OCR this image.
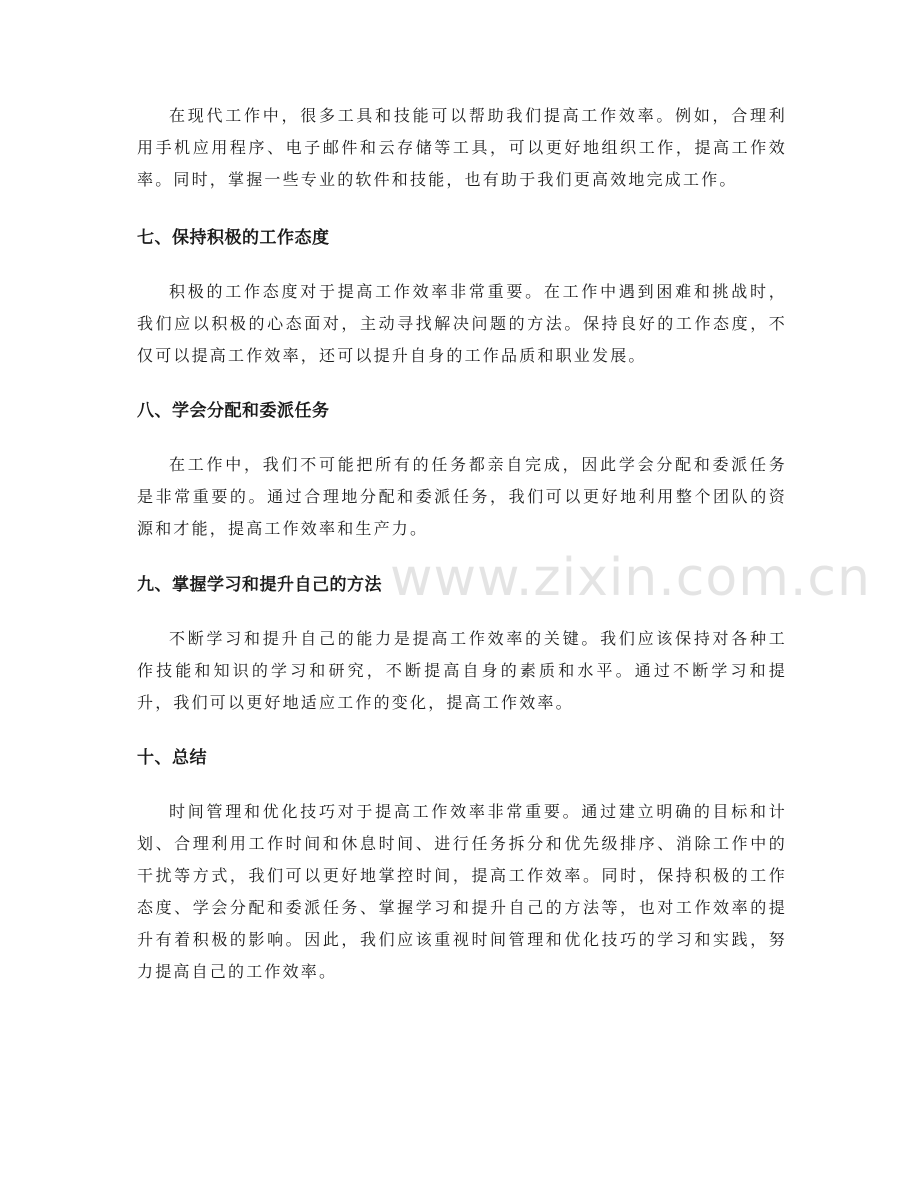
在现代工作中，很多工具和技能可以帮助我们提高工作效率。例如，合理利用手机应用程序、电子邮件和云存储等工具，可以更好地组织工作，提高工作效率。同时，掌握一些专业的软件和技能，也有助于我们更高效地完成工作。

七、保持积极的工作态度

积极的工作态度对于提高工作效率非常重要。在工作中遇到困难和挑战时，我们应以积极的心态面对，主动寻找解决问题的方法。保持良好的工作态度，不仅可以提高工作效率，还可以提升自身的工作品质和职业发展。

八、学会分配和委派任务

在工作中，我们不可能把所有的任务都亲自完成，因此学会分配和委派任务是非常重要的。通过合理地分配和委派任务，我们可以更好地利用整个团队的资源和才能，提高工作效率和生产力。

九、掌握学习和提升自己的方法

不断学习和提升自己的能力是提高工作效率的关键。我们应该保持对各种工作技能和知识的学习和研究，不断提高自身的素质和水平。通过不断学习和提升，我们可以更好地适应工作的变化，提高工作效率。

十、总结

时间管理和优化技巧对于提高工作效率非常重要。通过建立明确的目标和计划、合理利用工作时间和休息时间、进行任务拆分和优先级排序、消除工作中的干扰等方式，我们可以更好地掌控时间，提高工作效率。同时，保持积极的工作态度、学会分配和委派任务、掌握学习和提升自己的方法等，也对工作效率的提升有着积极的影响。因此，我们应该重视时间管理和优化技巧的学习和实践，努力提高自己的工作效率。

www.zixin.com.cn
